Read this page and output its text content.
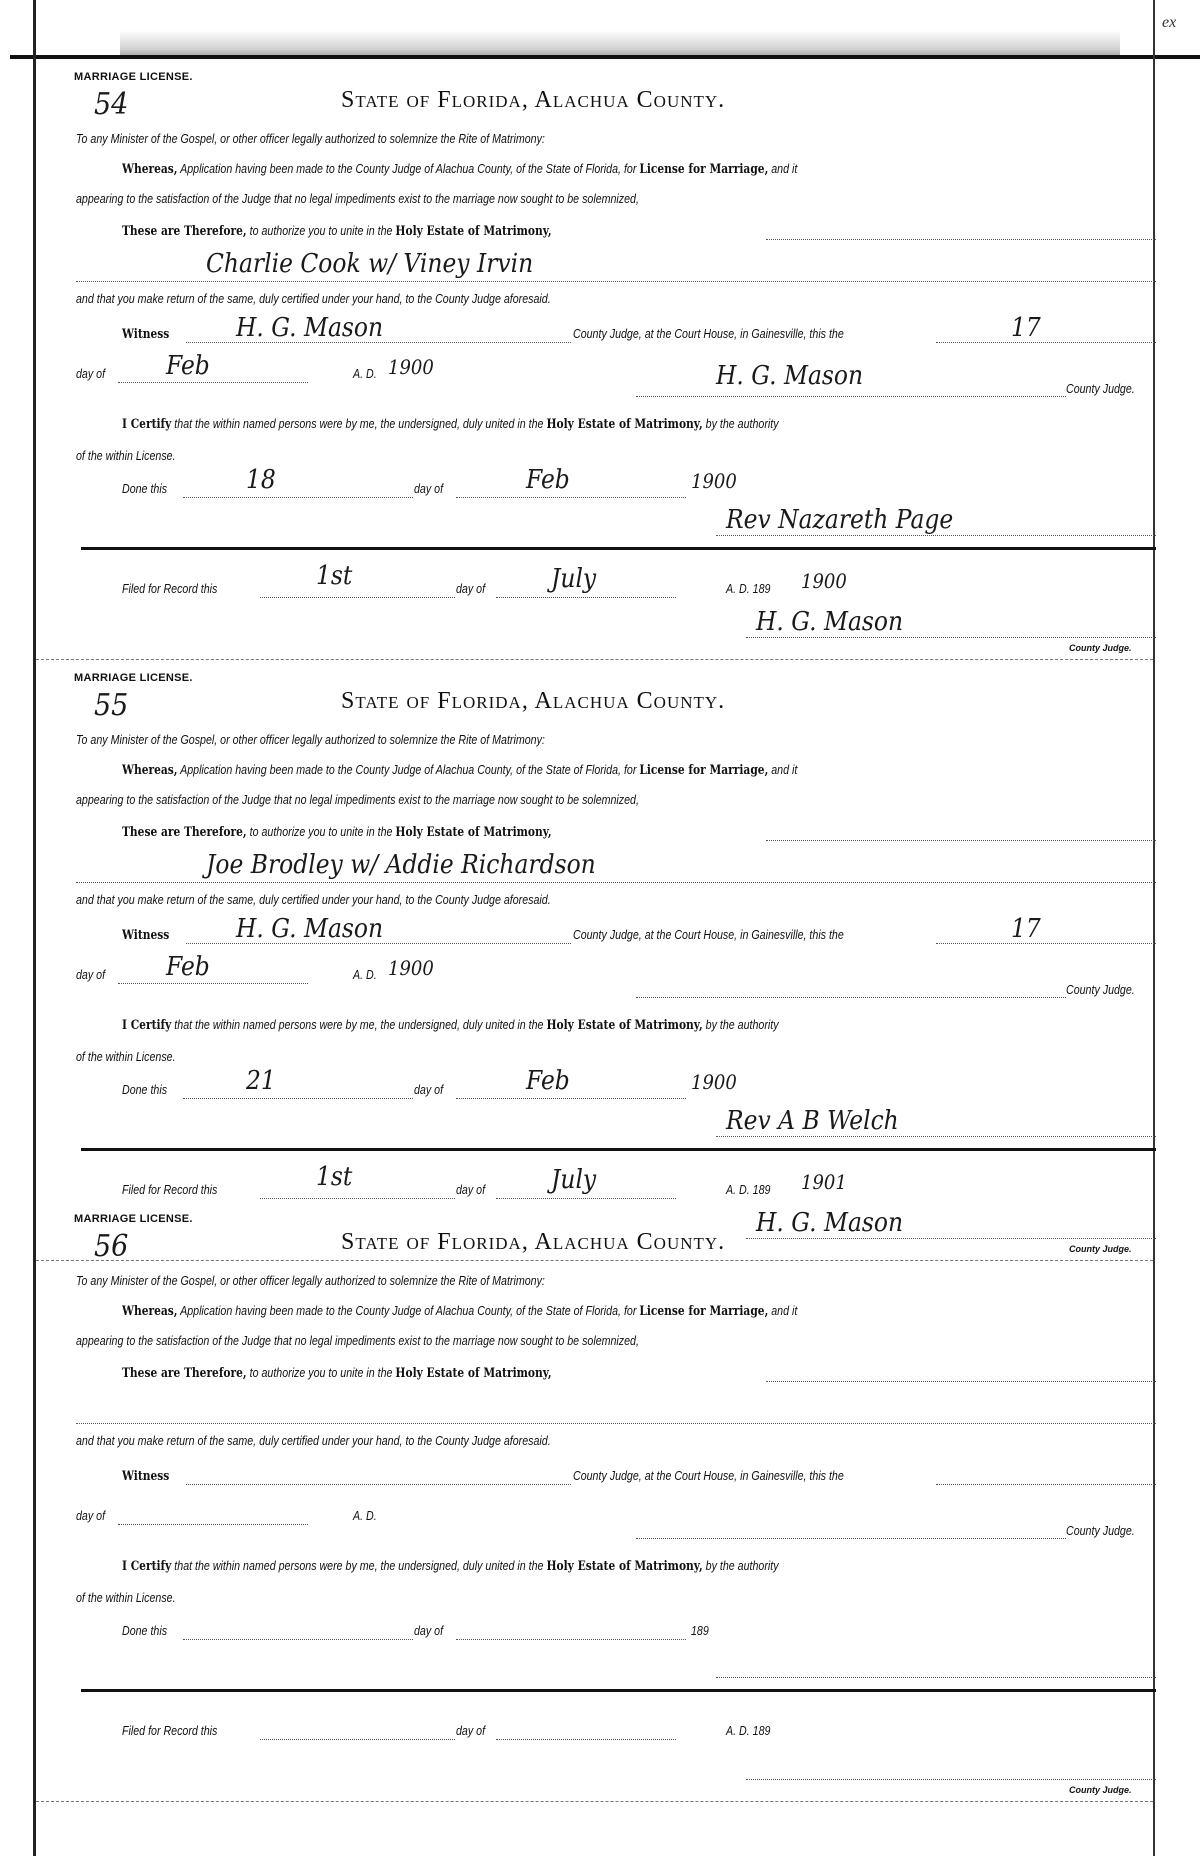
ex
MARRIAGE LICENSE.
54	State of Florida, Alachua County.
To any Minister of the Gospel, or other officer legally authorized to solemnize the Rite of Matrimony:
Whereas, Application having been made to the County Judge of Alachua County, of the State of Florida, for License for Marriage, and it
appearing to the satisfaction of the Judge that no legal impediments exist to the marriage now sought to be solemnized,
These are Therefore, to authorize you to unite in the Holy Estate of Matrimony,
Charlie Cook w/ Viney Irvin
and that you make return of the same, duly certified under your hand, to the County Judge aforesaid.
Witness	H. G. Mason	County Judge, at the Court House, in Gainesville, this the	17
day of Feb	A. D. 1900	H. G. Mason	County Judge.
I Certify that the within named persons were by me, the undersigned, duly united in the Holy Estate of Matrimony, by the authority
of the within License.
Done this	18	day of	Feb	1900
Rev Nazareth Page
Filed for Record this	1st	day of	July	A. D. 189 1900
H. G. Mason
County Judge.
MARRIAGE LICENSE.
55	State of Florida, Alachua County.
To any Minister of the Gospel, or other officer legally authorized to solemnize the Rite of Matrimony:
Whereas, Application having been made to the County Judge of Alachua County, of the State of Florida, for License for Marriage, and it
appearing to the satisfaction of the Judge that no legal impediments exist to the marriage now sought to be solemnized,
These are Therefore, to authorize you to unite in the Holy Estate of Matrimony,
Joe Brodley w/ Addie Richardson
and that you make return of the same, duly certified under your hand, to the County Judge aforesaid.
Witness	H. G. Mason	County Judge, at the Court House, in Gainesville, this the	17
day of Feb	A. D. 1900
County Judge.
I Certify that the within named persons were by me, the undersigned, duly united in the Holy Estate of Matrimony, by the authority
of the within License.
Done this	21	day of	Feb	1900
Rev A B Welch
Filed for Record this	1st	day of	July	A. D. 189 1901
H. G. Mason
County Judge.
MARRIAGE LICENSE.
56	State of Florida, Alachua County.
To any Minister of the Gospel, or other officer legally authorized to solemnize the Rite of Matrimony:
Whereas, Application having been made to the County Judge of Alachua County, of the State of Florida, for License for Marriage, and it
appearing to the satisfaction of the Judge that no legal impediments exist to the marriage now sought to be solemnized,
These are Therefore, to authorize you to unite in the Holy Estate of Matrimony,
and that you make return of the same, duly certified under your hand, to the County Judge aforesaid.
Witness	County Judge, at the Court House, in Gainesville, this the
day of	A. D.
County Judge.
I Certify that the within named persons were by me, the undersigned, duly united in the Holy Estate of Matrimony, by the authority
of the within License.
Done this	day of	189
Filed for Record this	day of	A. D. 189
County Judge.
